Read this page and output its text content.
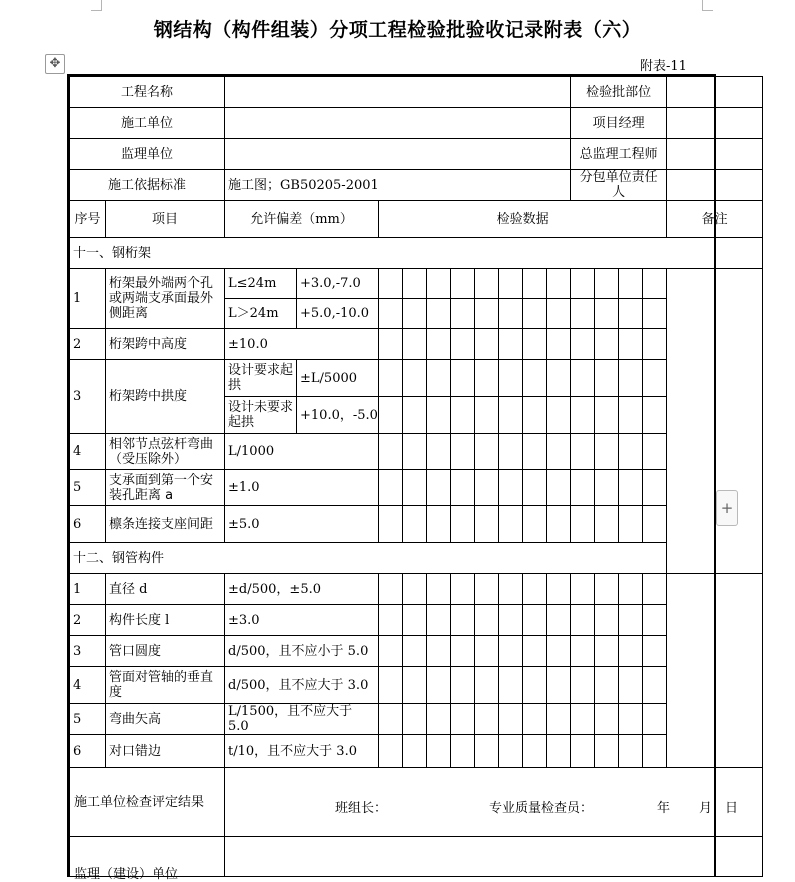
钢结构（构件组装）分项工程检验批验收记录附表（六）
✥	附表-11
+
工程名称												检验批部位				
施工单位												项目经理				
监理单位												总监理工程师				
施工依据标准		施工图；GB50205-2001										分包单位责任人				
序号	项目	允许偏差（mm）		检验数据												备注
十一、钢桁架																
1	桁架最外端两个孔或两端支承面最外侧距离	L≤24m	+3.0,-7.0													
		L＞24m	+5.0,-10.0													
2	桁架跨中高度	±10.0														
3	桁架跨中拱度	设计要求起拱	±L/5000													
		设计未要求起拱	+10.0，-5.0													
4	相邻节点弦杆弯曲（受压除外）	L/1000														
5	支承面到第一个安装孔距离 a	±1.0														
6	檩条连接支座间距	±5.0														
十二、钢管构件																
1	直径 d	±d/500，±5.0														
2	构件长度 l	±3.0														
3	管口圆度	d/500，且不应小于 5.0														
4	管面对管轴的垂直度	d/500，且不应大于 3.0														
5	弯曲矢高	L/1500，且不应大于 5.0														
6	对口错边	t/10，且不应大于 3.0														
施工单位检查评定结果		班组长： 专业质量检查员： 年 月 日														

监理（建设）单位																
